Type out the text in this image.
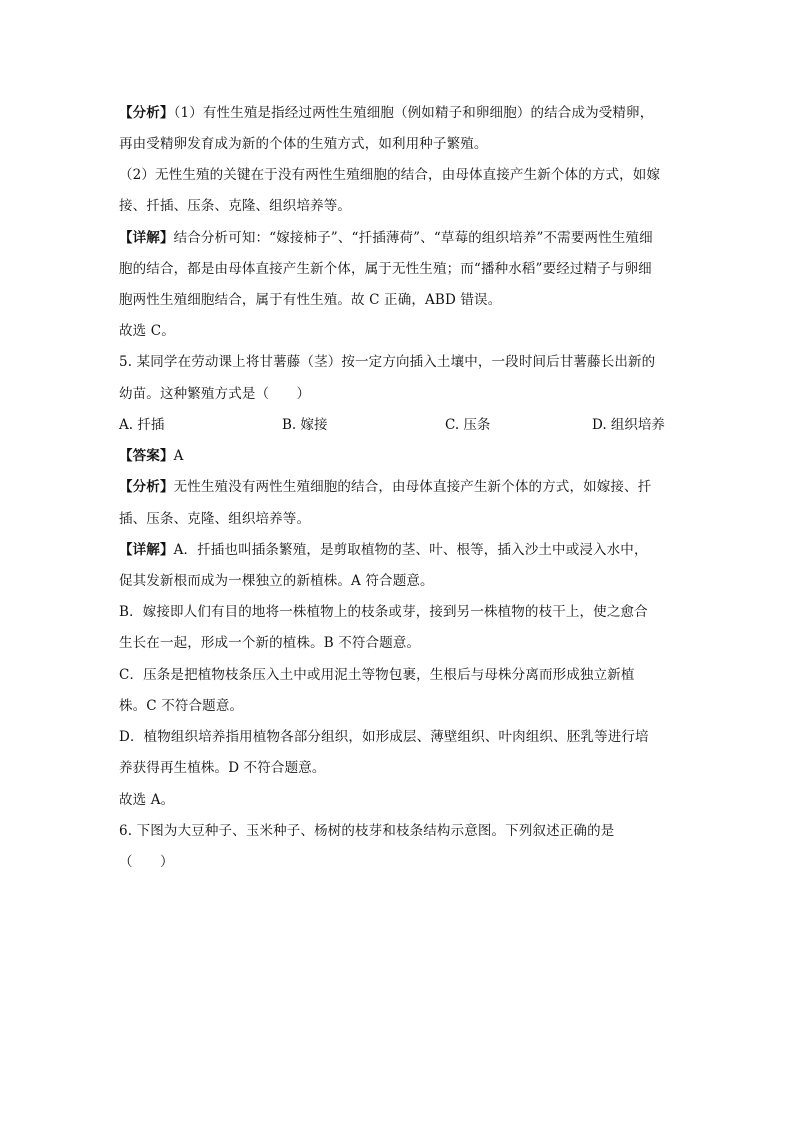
【分析】（1）有性生殖是指经过两性生殖细胞（例如精子和卵细胞）的结合成为受精卵，
再由受精卵发育成为新的个体的生殖方式，如利用种子繁殖。
（2）无性生殖的关键在于没有两性生殖细胞的结合，由母体直接产生新个体的方式，如嫁
接、扦插、压条、克隆、组织培养等。
【详解】结合分析可知：“嫁接柿子”、“扦插薄荷”、“草莓的组织培养”不需要两性生殖细
胞的结合，都是由母体直接产生新个体，属于无性生殖；而“播种水稻”要经过精子与卵细
胞两性生殖细胞结合，属于有性生殖。故 C 正确，ABD 错误。
故选 C。
5. 某同学在劳动课上将甘薯藤（茎）按一定方向插入土壤中，一段时间后甘薯藤长出新的
幼苗。这种繁殖方式是（　　）
A. 扦插	B. 嫁接	C. 压条	D. 组织培养
【答案】A
【分析】无性生殖没有两性生殖细胞的结合，由母体直接产生新个体的方式，如嫁接、扦
插、压条、克隆、组织培养等。
【详解】A．扦插也叫插条繁殖，是剪取植物的茎、叶、根等，插入沙土中或浸入水中，
促其发新根而成为一棵独立的新植株。A 符合题意。
B．嫁接即人们有目的地将一株植物上的枝条或芽，接到另一株植物的枝干上，使之愈合
生长在一起，形成一个新的植株。B 不符合题意。
C．压条是把植物枝条压入土中或用泥土等物包裹，生根后与母株分离而形成独立新植
株。C 不符合题意。
D．植物组织培养指用植物各部分组织，如形成层、薄壁组织、叶肉组织、胚乳等进行培
养获得再生植株。D 不符合题意。
故选 A。
6. 下图为大豆种子、玉米种子、杨树的枝芽和枝条结构示意图。下列叙述正确的是
（　　）
